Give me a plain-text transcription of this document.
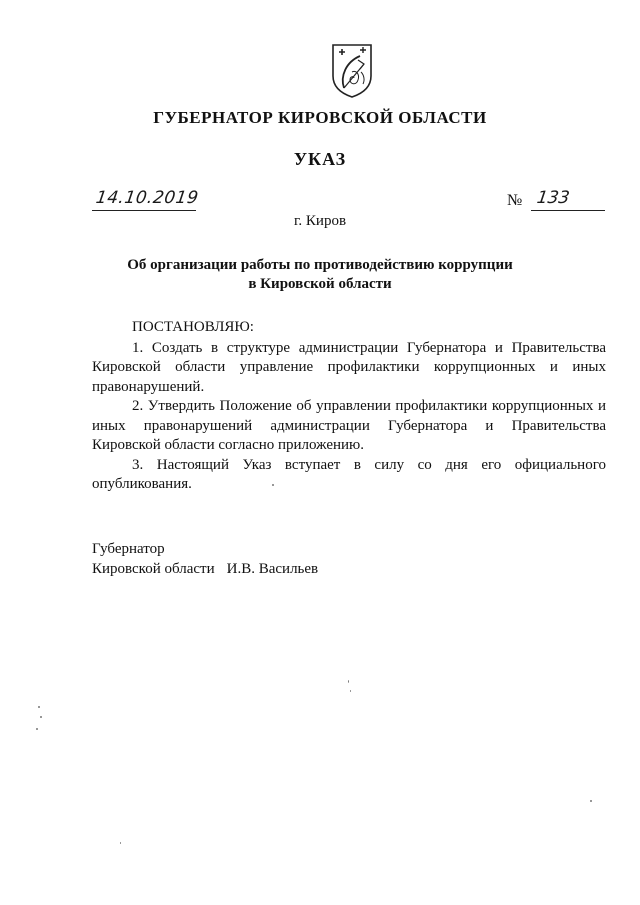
ГУБЕРНАТОР КИРОВСКОЙ ОБЛАСТИ
УКАЗ
14.10.2019	№ 133
г. Киров
Об организации работы по противодействию коррупции
в Кировской области
ПОСТАНОВЛЯЮ:

1. Создать в структуре администрации Губернатора и Правительства Кировской области управление профилактики коррупционных и иных правонарушений.

2. Утвердить Положение об управлении профилактики коррупционных и иных правонарушений администрации Губернатора и Правительства Кировской области согласно приложению.

3. Настоящий Указ вступает в силу со дня его официального опубликования.

Губернатор
Кировской области И.В. Васильев
